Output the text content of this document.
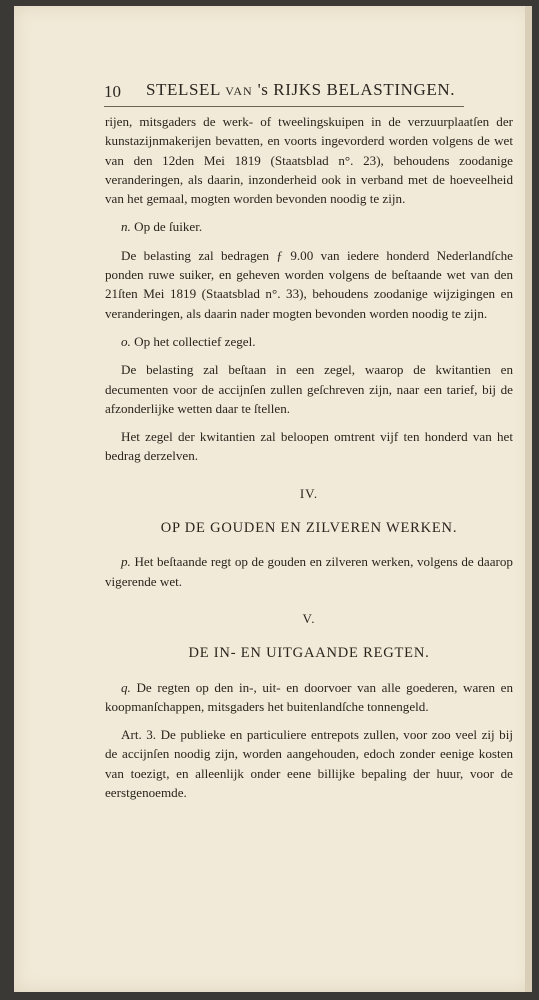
10 STELSEL VAN 's RIJKS BELASTINGEN.

rijen, mitsgaders de werk- of tweelingskuipen in de verzuurplaatſen der kunstazijnmakerijen bevatten, en voorts ingevorderd worden volgens de wet van den 12den Mei 1819 (Staatsblad n°. 23), behoudens zoodanige veranderingen, als daarin, inzonderheid ook in verband met de hoeveelheid van het gemaal, mogten worden bevonden noodig te zijn.

n. Op de ſuiker.

De belasting zal bedragen ƒ 9.00 van iedere honderd Nederlandſche ponden ruwe suiker, en geheven worden volgens de beſtaande wet van den 21ſten Mei 1819 (Staatsblad n°. 33), behoudens zoodanige wijzigingen en veranderingen, als daarin nader mogten bevonden worden noodig te zijn.

o. Op het collectief zegel.

De belasting zal beſtaan in een zegel, waarop de kwitantien en decumenten voor de accijnſen zullen geſchreven zijn, naar een tarief, bij de afzonderlijke wetten daar te ſtellen.

Het zegel der kwitantien zal beloopen omtrent vijf ten honderd van het bedrag derzelven.

IV.

OP DE GOUDEN EN ZILVEREN WERKEN.

p. Het beſtaande regt op de gouden en zilveren werken, volgens de daarop vigerende wet.

V.

DE IN- EN UITGAANDE REGTEN.

q. De regten op den in-, uit- en doorvoer van alle goederen, waren en koopmanſchappen, mitsgaders het buitenlandſche tonnengeld.

Art. 3. De publieke en particuliere entrepots zullen, voor zoo veel zij bij de accijnſen noodig zijn, worden aangehouden, edoch zonder eenige kosten van toezigt, en alleenlijk onder eene billijke bepaling der huur, voor de eerstgenoemde.
